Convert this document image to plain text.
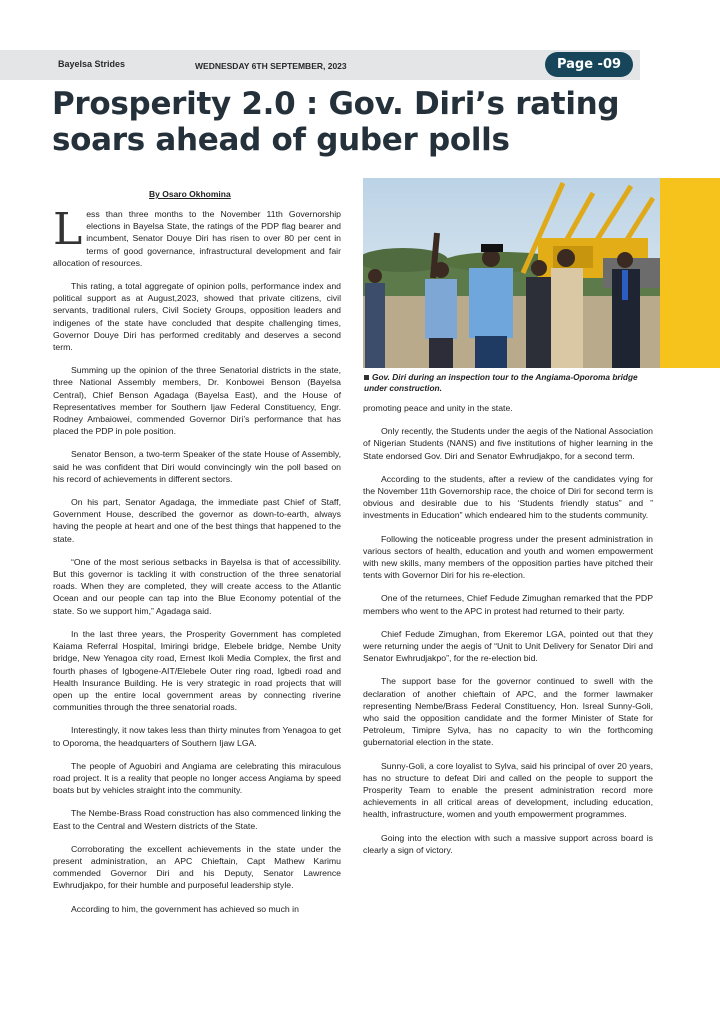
Bayelsa Strides	WEDNESDAY 6TH SEPTEMBER, 2023	Page -09
Prosperity 2.0 : Gov. Diri’s rating soars ahead of guber polls
By Osaro Okhomina

Less than three months to the November 11th Governorship elections in Bayelsa State, the ratings of the PDP flag bearer and incumbent, Senator Douye Diri has risen to over 80 per cent in terms of good governance, infrastructural development and fair allocation of resources.

This rating, a total aggregate of opinion polls, performance index and political support as at August,2023, showed that private citizens, civil servants, traditional rulers, Civil Society Groups, opposition leaders and indigenes of the state have concluded that despite challenging times, Governor Douye Diri has performed creditably and deserves a second term.

Summing up the opinion of the three Senatorial districts in the state, three National Assembly members, Dr. Konbowei Benson (Bayelsa Central), Chief Benson Agadaga (Bayelsa East), and the House of Representatives member for Southern Ijaw Federal Constituency, Engr. Rodney Ambaiowei, commended Governor Diri’s performance that has placed the PDP in pole position.

Senator Benson, a two-term Speaker of the state House of Assembly, said he was confident that Diri would convincingly win the poll based on his record of achievements in different sectors.

On his part, Senator Agadaga, the immediate past Chief of Staff, Government House, described the governor as down-to-earth, always having the people at heart and one of the best things that happened to the state.

“One of the most serious setbacks in Bayelsa is that of accessibility. But this governor is tackling it with construction of the three senatorial roads. When they are completed, they will create access to the Atlantic Ocean and our people can tap into the Blue Economy potential of the state. So we support him,” Agadaga said.

In the last three years, the Prosperity Government has completed Kaiama Referral Hospital, Imiringi bridge, Elebele bridge, Nembe Unity bridge, New Yenagoa city road, Ernest Ikoli Media Complex, the first and fourth phases of Igbogene-AIT/Elebele Outer ring road, Igbedi road and Health Insurance Building. He is very strategic in road projects that will open up the entire local government areas by connecting riverine communities through the three senatorial roads.

Interestingly, it now takes less than thirty minutes from Yenagoa to get to Oporoma, the headquarters of Southern Ijaw LGA.

The people of Aguobiri and Angiama are celebrating this miraculous road project. It is a reality that people no longer access Angiama by speed boats but by vehicles straight into the community.

The Nembe-Brass Road construction has also commenced linking the East to the Central and Western districts of the State.

Corroborating the excellent achievements in the state under the present administration, an APC Chieftain, Capt Mathew Karimu commended Governor Diri and his Deputy, Senator Lawrence Ewhrudjakpo, for their humble and purposeful leadership style.

According to him, the government has achieved so much in

Gov. Diri during an inspection tour to the Angiama-Oporoma bridge under construction.

promoting peace and unity in the state.

Only recently, the Students under the aegis of the National Association of Nigerian Students (NANS) and five institutions of higher learning in the State endorsed Gov. Diri and Senator Ewhrudjakpo, for a second term.

According to the students, after a review of the candidates vying for the November 11th Governorship race, the choice of Diri for second term is obvious and desirable due to his ‘Students friendly status” and ” investments in Education” which endeared him to the students community.

Following the noticeable progress under the present administration in various sectors of health, education and youth and women empowerment with new skills, many members of the opposition parties have pitched their tents with Governor Diri for his re-election.

One of the returnees, Chief Fedude Zimughan remarked that the PDP members who went to the APC in protest had returned to their party.

Chief Fedude Zimughan, from Ekeremor LGA, pointed out that they were returning under the aegis of “Unit to Unit Delivery for Senator Diri and Senator Ewhrudjakpo”, for the re-election bid.

The support base for the governor continued to swell with the declaration of another chieftain of APC, and the former lawmaker representing Nembe/Brass Federal Constituency, Hon. Isreal Sunny-Goli, who said the opposition candidate and the former Minister of State for Petroleum, Timipre Sylva, has no capacity to win the forthcoming gubernatorial election in the state.

Sunny-Goli, a core loyalist to Sylva, said his principal of over 20 years, has no structure to defeat Diri and called on the people to support the Prosperity Team to enable the present administration record more achievements in all critical areas of development, including education, health, infrastructure, women and youth empowerment programmes.

Going into the election with such a massive support across board is clearly a sign of victory.
